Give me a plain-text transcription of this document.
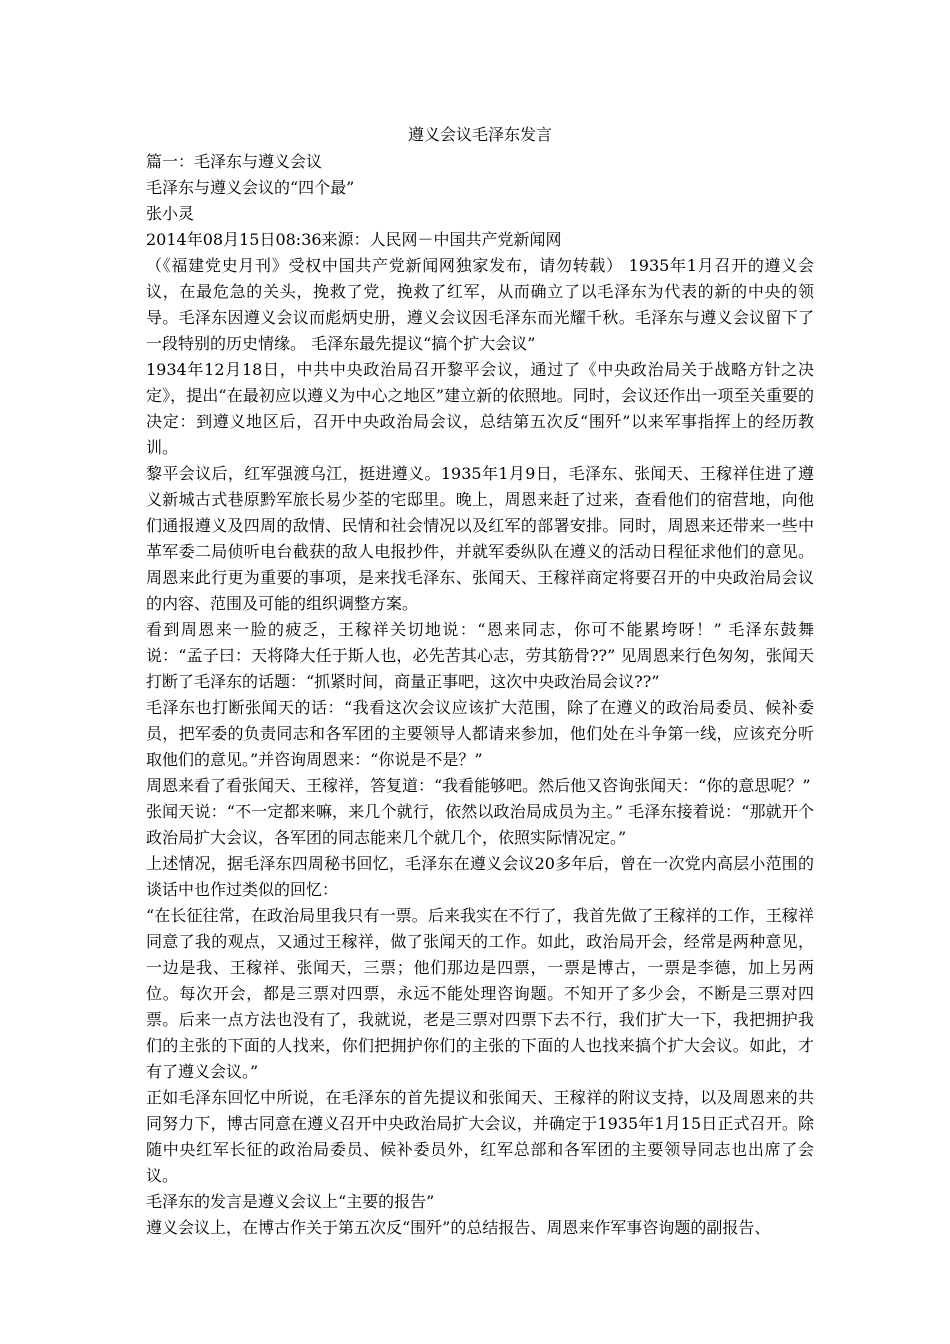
遵义会议毛泽东发言
篇一：毛泽东与遵义会议
毛泽东与遵义会议的“四个最”
张小灵
2014年08月15日08:36来源：人民网－中国共产党新闻网
（《福建党史月刊》受权中国共产党新闻网独家发布，请勿转载） 1935年1月召开的遵义会议，在最危急的关头，挽救了党，挽救了红军，从而确立了以毛泽东为代表的新的中央的领导。毛泽东因遵义会议而彪炳史册，遵义会议因毛泽东而光耀千秋。毛泽东与遵义会议留下了一段特别的历史情缘。 毛泽东最先提议“搞个扩大会议”
1934年12月18日，中共中央政治局召开黎平会议，通过了《中央政治局关于战略方针之决定》，提出“在最初应以遵义为中心之地区”建立新的依照地。同时，会议还作出一项至关重要的决定：到遵义地区后，召开中央政治局会议，总结第五次反“围歼”以来军事指挥上的经历教训。
黎平会议后，红军强渡乌江，挺进遵义。1935年1月9日，毛泽东、张闻天、王稼祥住进了遵义新城古式巷原黔军旅长易少荃的宅邸里。晚上，周恩来赶了过来，查看他们的宿营地，向他们通报遵义及四周的敌情、民情和社会情况以及红军的部署安排。同时，周恩来还带来一些中革军委二局侦听电台截获的敌人电报抄件，并就军委纵队在遵义的活动日程征求他们的意见。周恩来此行更为重要的事项，是来找毛泽东、张闻天、王稼祥商定将要召开的中央政治局会议的内容、范围及可能的组织调整方案。
看到周恩来一脸的疲乏，王稼祥关切地说：“恩来同志，你可不能累垮呀！” 毛泽东鼓舞说：“孟子曰：天将降大任于斯人也，必先苦其心志，劳其筋骨??” 见周恩来行色匆匆，张闻天打断了毛泽东的话题：“抓紧时间，商量正事吧，这次中央政治局会议??”
毛泽东也打断张闻天的话：“我看这次会议应该扩大范围，除了在遵义的政治局委员、候补委员，把军委的负责同志和各军团的主要领导人都请来参加，他们处在斗争第一线，应该充分听取他们的意见。”并咨询周恩来：“你说是不是？”
周恩来看了看张闻天、王稼祥，答复道：“我看能够吧。然后他又咨询张闻天：“你的意思呢？”
张闻天说：“不一定都来嘛，来几个就行，依然以政治局成员为主。” 毛泽东接着说：“那就开个政治局扩大会议，各军团的同志能来几个就几个，依照实际情况定。”
上述情况，据毛泽东四周秘书回忆，毛泽东在遵义会议20多年后，曾在一次党内高层小范围的谈话中也作过类似的回忆：
“在长征往常，在政治局里我只有一票。后来我实在不行了，我首先做了王稼祥的工作，王稼祥同意了我的观点，又通过王稼祥，做了张闻天的工作。如此，政治局开会，经常是两种意见，一边是我、王稼祥、张闻天，三票；他们那边是四票，一票是博古，一票是李德，加上另两位。每次开会，都是三票对四票，永远不能处理咨询题。不知开了多少会，不断是三票对四票。后来一点方法也没有了，我就说，老是三票对四票下去不行，我们扩大一下，我把拥护我们的主张的下面的人找来，你们把拥护你们的主张的下面的人也找来搞个扩大会议。如此，才有了遵义会议。”
正如毛泽东回忆中所说，在毛泽东的首先提议和张闻天、王稼祥的附议支持，以及周恩来的共同努力下，博古同意在遵义召开中央政治局扩大会议，并确定于1935年1月15日正式召开。除随中央红军长征的政治局委员、候补委员外，红军总部和各军团的主要领导同志也出席了会议。
毛泽东的发言是遵义会议上“主要的报告”
遵义会议上，在博古作关于第五次反“围歼”的总结报告、周恩来作军事咨询题的副报告、
